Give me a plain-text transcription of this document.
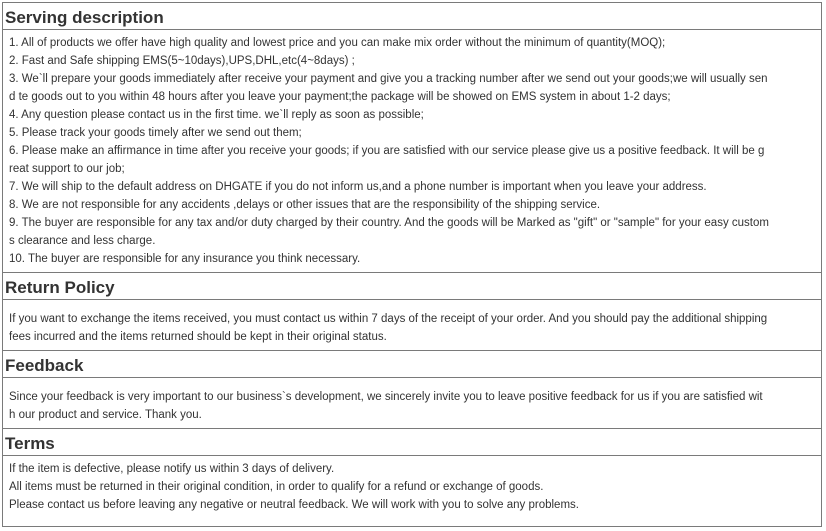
Serving description
1. All of products we offer have high quality and lowest price and you can make mix order without the minimum of quantity(MOQ);
2. Fast and Safe shipping EMS(5~10days),UPS,DHL,etc(4~8days) ;
3. We`ll prepare your goods immediately after receive your payment and give you a tracking number after we send out your goods;we will usually sen
d te goods out to you within 48 hours after you leave your payment;the package will be showed on EMS system in about 1-2 days;
4. Any question please contact us in the first time. we`ll reply as soon as possible;
5. Please track your goods timely after we send out them;
6. Please make an affirmance in time after you receive your goods; if you are satisfied with our service please give us a positive feedback. It will be g
reat support to our job;
7. We will ship to the default address on DHGATE if you do not inform us,and a phone number is important when you leave your address.
8. We are not responsible for any accidents ,delays or other issues that are the responsibility of the shipping service.
9. The buyer are responsible for any tax and/or duty charged by their country. And the goods will be Marked as "gift" or "sample" for your easy custom
s clearance and less charge.
10. The buyer are responsible for any insurance you think necessary.
Return Policy
If you want to exchange the items received, you must contact us within 7 days of the receipt of your order. And you should pay the additional shipping
fees incurred and the items returned should be kept in their original status.
Feedback
Since your feedback is very important to our business`s development, we sincerely invite you to leave positive feedback for us if you are satisfied wit
h our product and service. Thank you.
Terms
If the item is defective, please notify us within 3 days of delivery.
All items must be returned in their original condition, in order to qualify for a refund or exchange of goods.
Please contact us before leaving any negative or neutral feedback. We will work with you to solve any problems.
